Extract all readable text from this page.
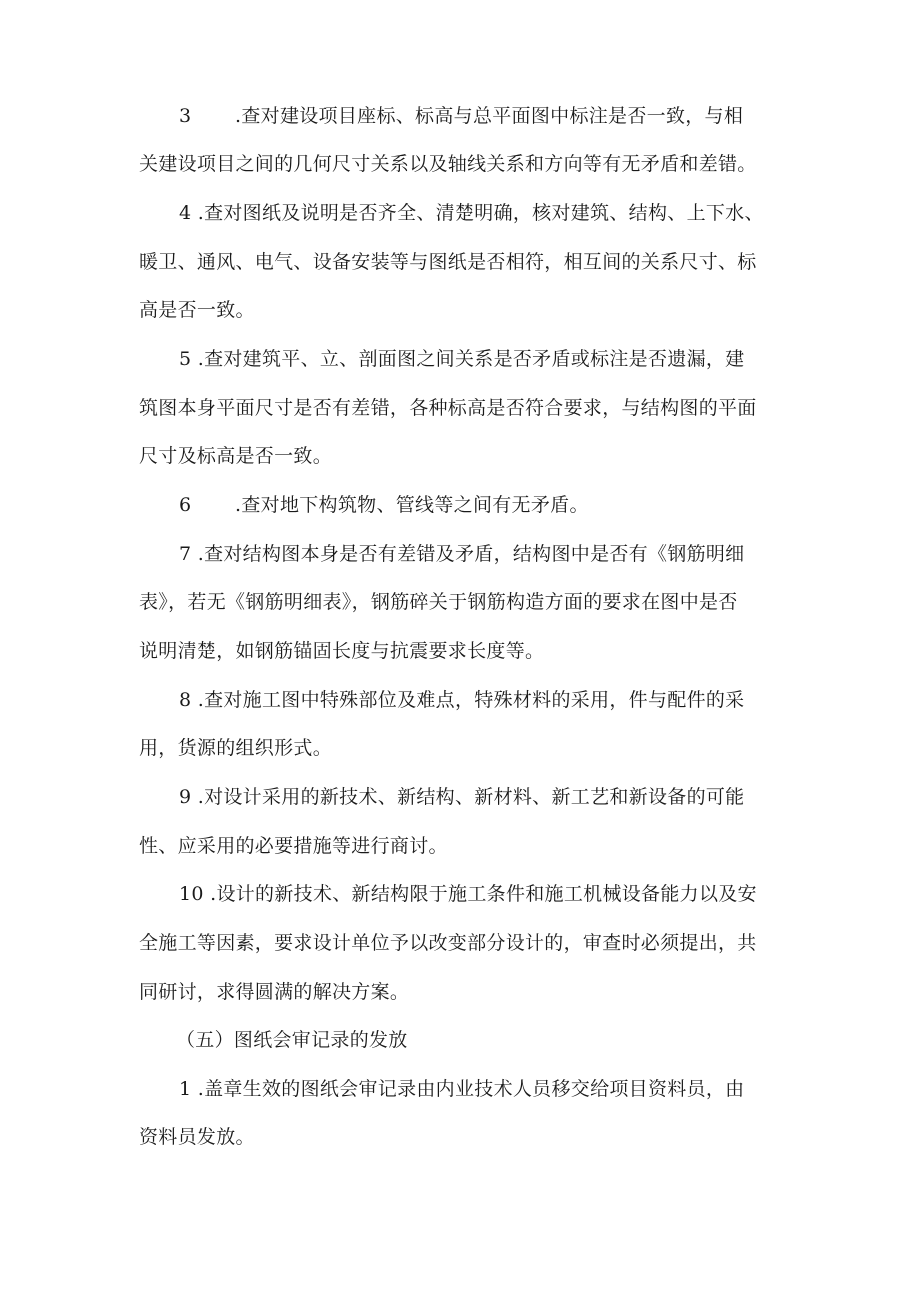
3 .查对建设项目座标、标高与总平面图中标注是否一致，与相
关建设项目之间的几何尺寸关系以及轴线关系和方向等有无矛盾和差错。
4 .查对图纸及说明是否齐全、清楚明确，核对建筑、结构、上下水、
暖卫、通风、电气、设备安装等与图纸是否相符，相互间的关系尺寸、标
高是否一致。
5 .查对建筑平、立、剖面图之间关系是否矛盾或标注是否遗漏，建
筑图本身平面尺寸是否有差错，各种标高是否符合要求，与结构图的平面
尺寸及标高是否一致。
6 .查对地下构筑物、管线等之间有无矛盾。
7 .查对结构图本身是否有差错及矛盾，结构图中是否有《钢筋明细
表》，若无《钢筋明细表》，钢筋碎关于钢筋构造方面的要求在图中是否
说明清楚，如钢筋锚固长度与抗震要求长度等。
8 .查对施工图中特殊部位及难点，特殊材料的采用，件与配件的采
用，货源的组织形式。
9 .对设计采用的新技术、新结构、新材料、新工艺和新设备的可能
性、应采用的必要措施等进行商讨。
10 .设计的新技术、新结构限于施工条件和施工机械设备能力以及安
全施工等因素，要求设计单位予以改变部分设计的，审查时必须提出，共
同研讨，求得圆满的解决方案。
（五）图纸会审记录的发放
1 .盖章生效的图纸会审记录由内业技术人员移交给项目资料员，由
资料员发放。
